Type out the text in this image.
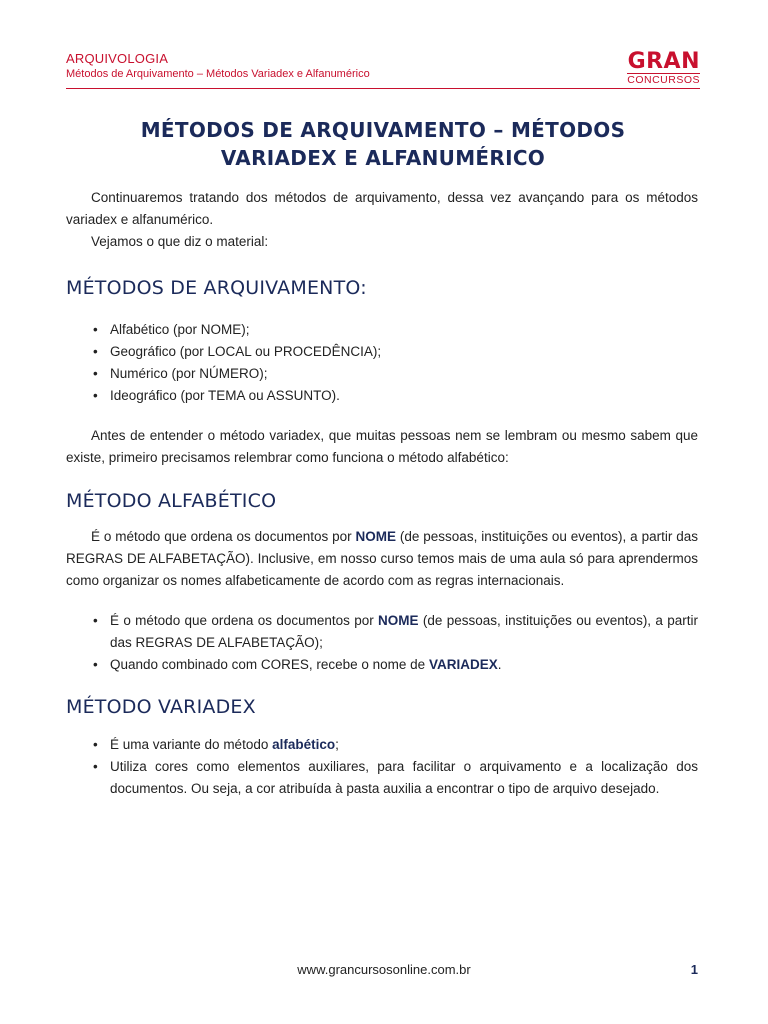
ARQUIVOLOGIA
Métodos de Arquivamento – Métodos Variadex e Alfanumérico	GRAN
CONCURSOS
MÉTODOS DE ARQUIVAMENTO – MÉTODOS
VARIADEX E ALFANUMÉRICO

Continuaremos tratando dos métodos de arquivamento, dessa vez avançando para os métodos variadex e alfanumérico.

Vejamos o que diz o material:

MÉTODOS DE ARQUIVAMENTO:
• Alfabético (por NOME);
• Geográfico (por LOCAL ou PROCEDÊNCIA);
• Numérico (por NÚMERO);
• Ideográfico (por TEMA ou ASSUNTO).

Antes de entender o método variadex, que muitas pessoas nem se lembram ou mesmo sabem que existe, primeiro precisamos relembrar como funciona o método alfabético:

MÉTODO ALFABÉTICO

É o método que ordena os documentos por NOME (de pessoas, instituições ou eventos), a partir das REGRAS DE ALFABETAÇÃO). Inclusive, em nosso curso temos mais de uma aula só para aprendermos como organizar os nomes alfabeticamente de acordo com as regras internacionais.

• É o método que ordena os documentos por NOME (de pessoas, instituições ou eventos), a partir das REGRAS DE ALFABETAÇÃO);
• Quando combinado com CORES, recebe o nome de VARIADEX.
MÉTODO VARIADEX
• É uma variante do método alfabético;
• Utiliza cores como elementos auxiliares, para facilitar o arquivamento e a localização dos documentos. Ou seja, a cor atribuída à pasta auxilia a encontrar o tipo de arquivo desejado.
www.grancursosonline.com.br	1
